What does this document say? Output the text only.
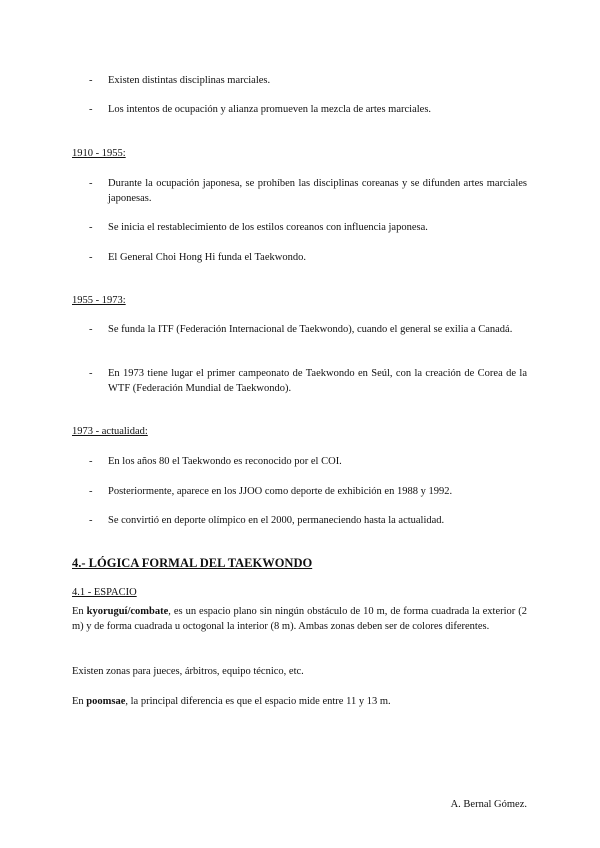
- Existen distintas disciplinas marciales.
- Los intentos de ocupación y alianza promueven la mezcla de artes marciales.
1910 - 1955:
- Durante la ocupación japonesa, se prohíben las disciplinas coreanas y se difunden artes marciales japonesas.
- Se inicia el restablecimiento de los estilos coreanos con influencia japonesa.
- El General Choi Hong Hi funda el Taekwondo.
1955 - 1973:
- Se funda la ITF (Federación Internacional de Taekwondo), cuando el general se exilia a Canadá.
- En 1973 tiene lugar el primer campeonato de Taekwondo en Seúl, con la creación de Corea de la WTF (Federación Mundial de Taekwondo).
1973 - actualidad:
- En los años 80 el Taekwondo es reconocido por el COI.
- Posteriormente, aparece en los JJOO como deporte de exhibición en 1988 y 1992.
- Se convirtió en deporte olímpico en el 2000, permaneciendo hasta la actualidad.
4.- LÓGICA FORMAL DEL TAEKWONDO
4.1 - ESPACIO
En kyoruguí/combate, es un espacio plano sin ningún obstáculo de 10 m, de forma cuadrada la exterior (2 m) y de forma cuadrada u octogonal la interior (8 m). Ambas zonas deben ser de colores diferentes.
Existen zonas para jueces, árbitros, equipo técnico, etc.
En poomsae, la principal diferencia es que el espacio mide entre 11 y 13 m.
A. Bernal Gómez.
